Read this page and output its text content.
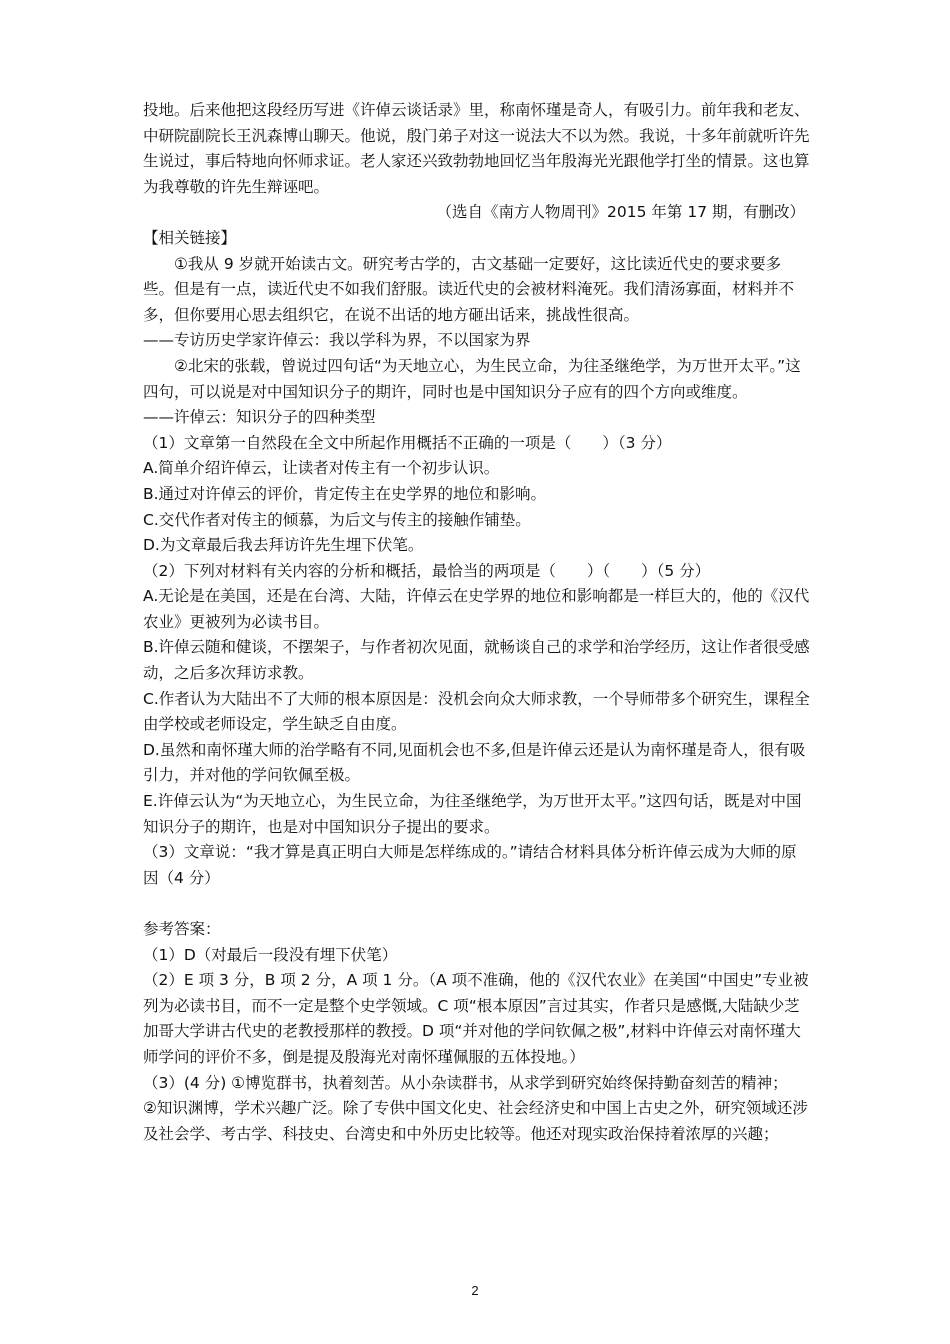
投地。后来他把这段经历写进《许倬云谈话录》里，称南怀瑾是奇人，有吸引力。前年我和老友、中研院副院长王汎森博山聊天。他说，殷门弟子对这一说法大不以为然。我说，十多年前就听许先生说过，事后特地向怀师求证。老人家还兴致勃勃地回忆当年殷海光光跟他学打坐的情景。这也算为我尊敬的许先生辩诬吧。

（选自《南方人物周刊》2015 年第 17 期，有删改）

【相关链接】

①我从 9 岁就开始读古文。研究考古学的，古文基础一定要好，这比读近代史的要求要多些。但是有一点，读近代史不如我们舒服。读近代史的会被材料淹死。我们清汤寡面，材料并不多，但你要用心思去组织它，在说不出话的地方砸出话来，挑战性很高。

——专访历史学家许倬云：我以学科为界，不以国家为界

②北宋的张载，曾说过四句话“为天地立心，为生民立命，为往圣继绝学，为万世开太平。”这四句，可以说是对中国知识分子的期许，同时也是中国知识分子应有的四个方向或维度。

——许倬云：知识分子的四种类型

（1）文章第一自然段在全文中所起作用概括不正确的一项是（　　）（3 分）

A.简单介绍许倬云，让读者对传主有一个初步认识。

B.通过对许倬云的评价，肯定传主在史学界的地位和影响。

C.交代作者对传主的倾慕，为后文与传主的接触作铺垫。

D.为文章最后我去拜访许先生埋下伏笔。

（2）下列对材料有关内容的分析和概括，最恰当的两项是（　　）（　　）（5 分）

A.无论是在美国，还是在台湾、大陆，许倬云在史学界的地位和影响都是一样巨大的，他的《汉代农业》更被列为必读书目。

B.许倬云随和健谈，不摆架子，与作者初次见面，就畅谈自己的求学和治学经历，这让作者很受感动，之后多次拜访求教。

C.作者认为大陆出不了大师的根本原因是：没机会向众大师求教，一个导师带多个研究生，课程全由学校或老师设定，学生缺乏自由度。

D.虽然和南怀瑾大师的治学略有不同,见面机会也不多,但是许倬云还是认为南怀瑾是奇人，很有吸引力，并对他的学问钦佩至极。

E.许倬云认为“为天地立心，为生民立命，为往圣继绝学，为万世开太平。”这四句话，既是对中国知识分子的期许，也是对中国知识分子提出的要求。

（3）文章说：“我才算是真正明白大师是怎样练成的。”请结合材料具体分析许倬云成为大师的原因（4 分）

参考答案：

（1）D（对最后一段没有埋下伏笔）

（2）E 项 3 分，B 项 2 分，A 项 1 分。（A 项不准确，他的《汉代农业》在美国“中国史”专业被列为必读书目，而不一定是整个史学领域。C 项“根本原因”言过其实，作者只是感慨,大陆缺少芝加哥大学讲古代史的老教授那样的教授。D 项“并对他的学问钦佩之极”,材料中许倬云对南怀瑾大师学问的评价不多，倒是提及殷海光对南怀瑾佩服的五体投地。）

（3）(4 分) ①博览群书，执着刻苦。从小杂读群书，从求学到研究始终保持勤奋刻苦的精神；

②知识渊博，学术兴趣广泛。除了专供中国文化史、社会经济史和中国上古史之外，研究领域还涉及社会学、考古学、科技史、台湾史和中外历史比较等。他还对现实政治保持着浓厚的兴趣；

2
